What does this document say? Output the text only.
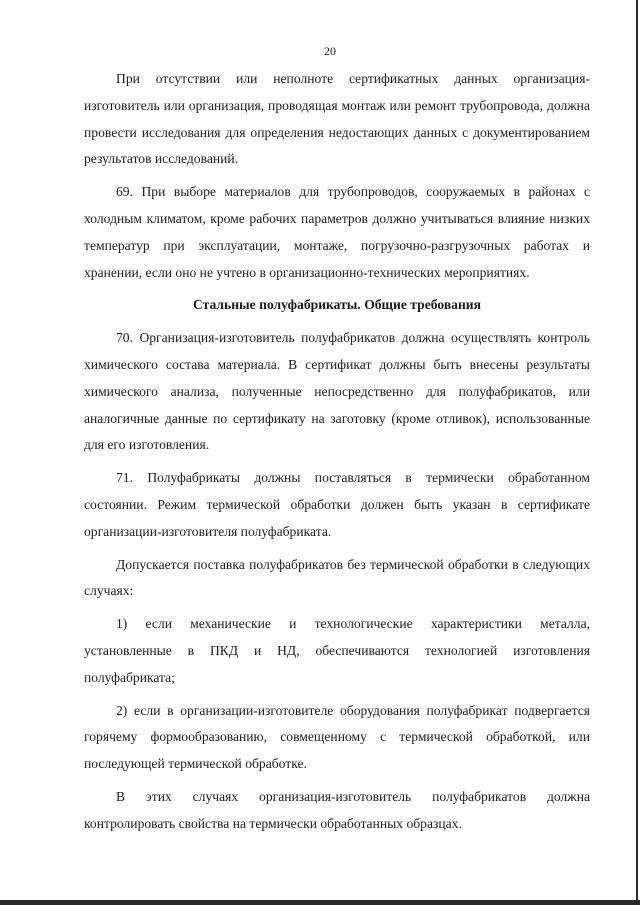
20

При отсутствии или неполноте сертификатных данных организация-изготовитель или организация, проводящая монтаж или ремонт трубопровода, должна провести исследования для определения недостающих данных с документированием результатов исследований.

69. При выборе материалов для трубопроводов, сооружаемых в районах с холодным климатом, кроме рабочих параметров должно учитываться влияние низких температур при эксплуатации, монтаже, погрузочно-разгрузочных работах и хранении, если оно не учтено в организационно-технических мероприятиях.

Стальные полуфабрикаты. Общие требования

70. Организация-изготовитель полуфабрикатов должна осуществлять контроль химического состава материала. В сертификат должны быть внесены результаты химического анализа, полученные непосредственно для полуфабрикатов, или аналогичные данные по сертификату на заготовку (кроме отливок), использованные для его изготовления.

71. Полуфабрикаты должны поставляться в термически обработанном состоянии. Режим термической обработки должен быть указан в сертификате организации-изготовителя полуфабриката.

Допускается поставка полуфабрикатов без термической обработки в следующих случаях:

1) если механические и технологические характеристики металла, установленные в ПКД и НД, обеспечиваются технологией изготовления полуфабриката;

2) если в организации-изготовителе оборудования полуфабрикат подвергается горячему формообразованию, совмещенному с термической обработкой, или последующей термической обработке.

В этих случаях организация-изготовитель полуфабрикатов должна контролировать свойства на термически обработанных образцах.
